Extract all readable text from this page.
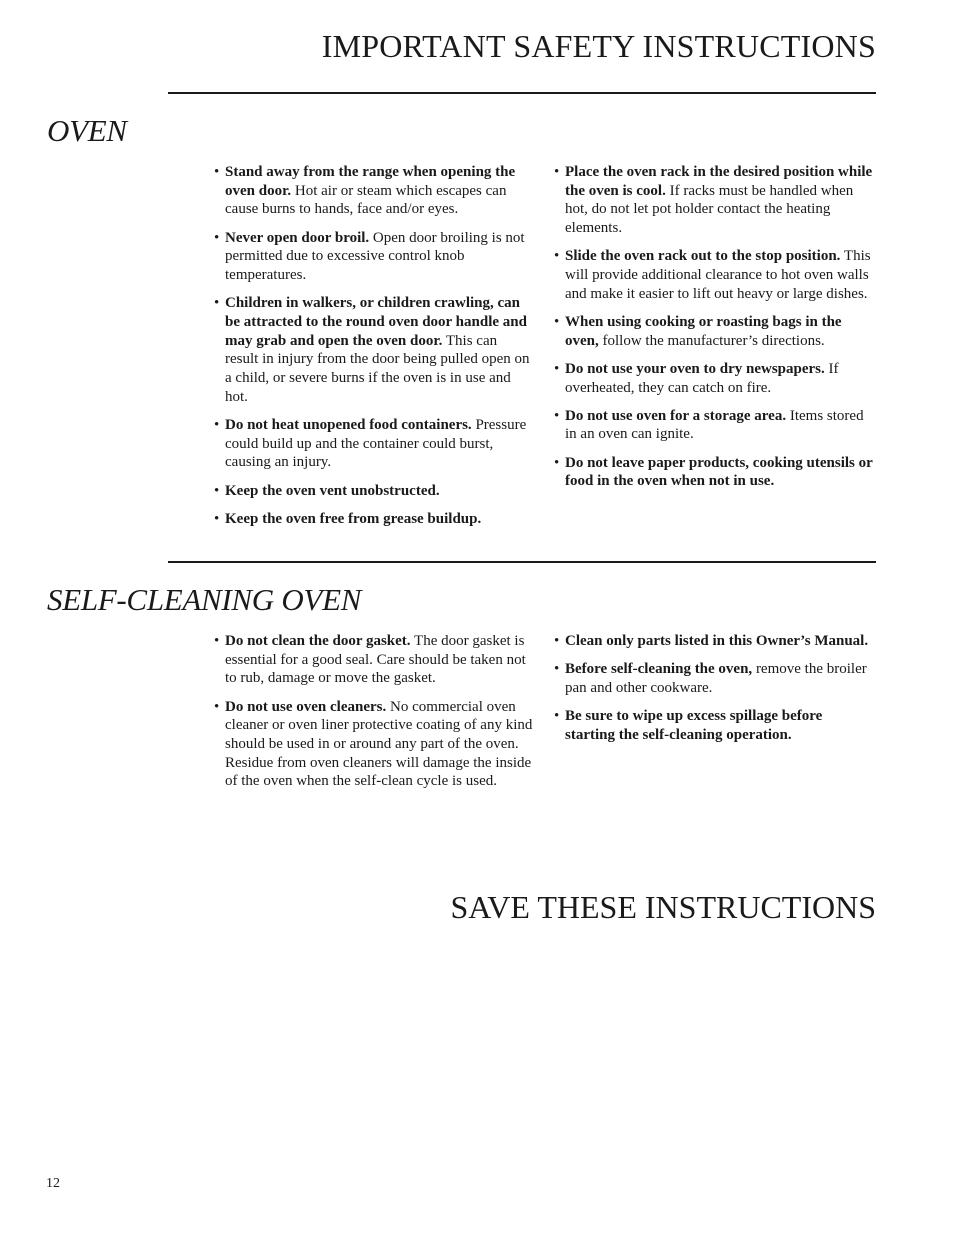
IMPORTANT SAFETY INSTRUCTIONS
OVEN
• Stand away from the range when opening the oven door. Hot air or steam which escapes can cause burns to hands, face and/or eyes.
• Never open door broil. Open door broiling is not permitted due to excessive control knob temperatures.
• Children in walkers, or children crawling, can be attracted to the round oven door handle and may grab and open the oven door. This can result in injury from the door being pulled open on a child, or severe burns if the oven is in use and hot.
• Do not heat unopened food containers. Pressure could build up and the container could burst, causing an injury.
• Keep the oven vent unobstructed.
• Keep the oven free from grease buildup.
• Place the oven rack in the desired position while the oven is cool. If racks must be handled when hot, do not let pot holder contact the heating elements.
• Slide the oven rack out to the stop position. This will provide additional clearance to hot oven walls and make it easier to lift out heavy or large dishes.
• When using cooking or roasting bags in the oven, follow the manufacturer’s directions.
• Do not use your oven to dry newspapers. If overheated, they can catch on fire.
• Do not use oven for a storage area. Items stored in an oven can ignite.
• Do not leave paper products, cooking utensils or food in the oven when not in use.
SELF-CLEANING OVEN
• Do not clean the door gasket. The door gasket is essential for a good seal. Care should be taken not to rub, damage or move the gasket.
• Do not use oven cleaners. No commercial oven cleaner or oven liner protective coating of any kind should be used in or around any part of the oven. Residue from oven cleaners will damage the inside of the oven when the self-clean cycle is used.
• Clean only parts listed in this Owner’s Manual.
• Before self-cleaning the oven, remove the broiler pan and other cookware.
• Be sure to wipe up excess spillage before starting the self-cleaning operation.
SAVE THESE INSTRUCTIONS
12
